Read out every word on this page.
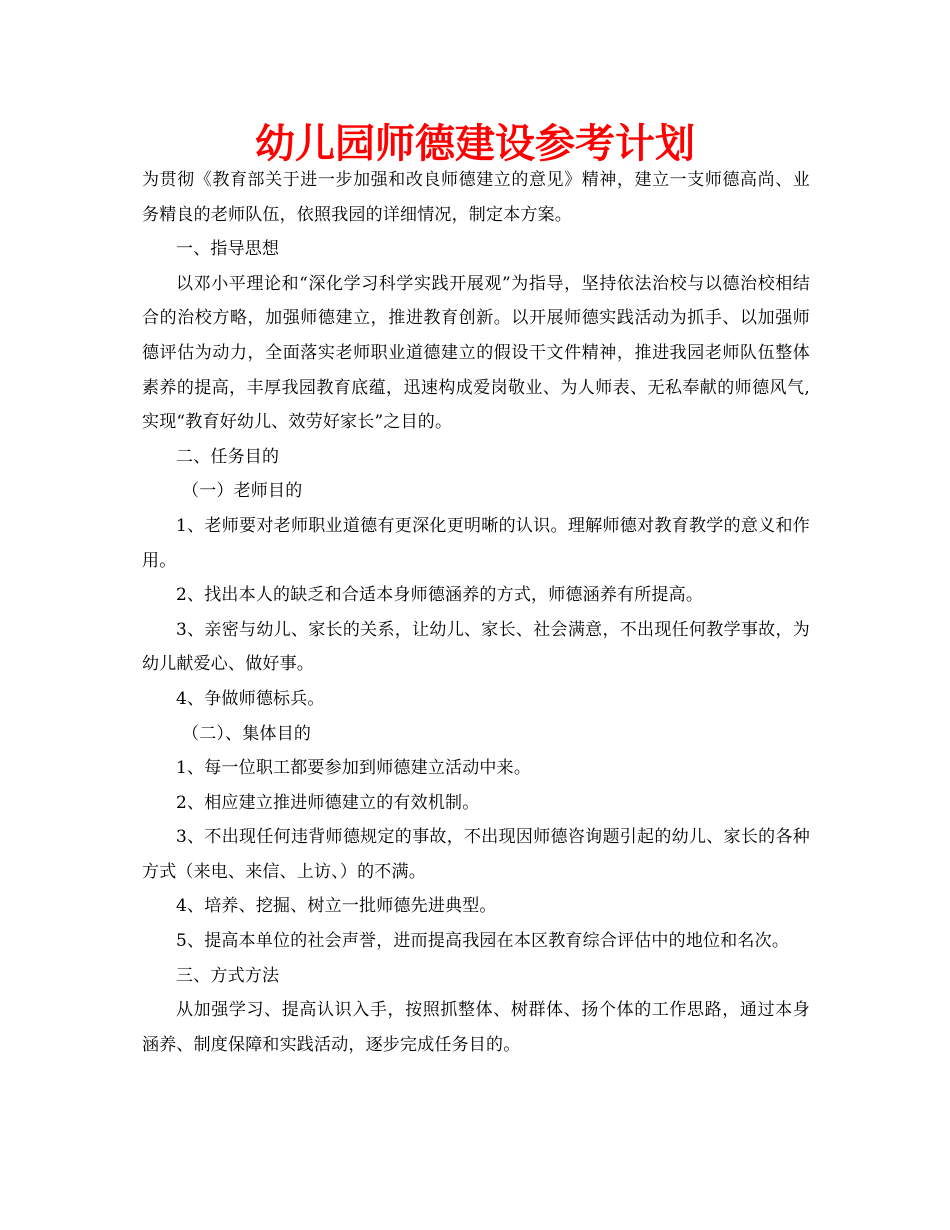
幼儿园师德建设参考计划

为贯彻《教育部关于进一步加强和改良师德建立的意见》精神，建立一支师德高尚、业务精良的老师队伍，依照我园的详细情况，制定本方案。

一、指导思想

以邓小平理论和“深化学习科学实践开展观”为指导，坚持依法治校与以德治校相结合的治校方略，加强师德建立，推进教育创新。以开展师德实践活动为抓手、以加强师德评估为动力，全面落实老师职业道德建立的假设干文件精神，推进我园老师队伍整体素养的提高，丰厚我园教育底蕴，迅速构成爱岗敬业、为人师表、无私奉献的师德风气,实现“教育好幼儿、效劳好家长”之目的。

二、任务目的

（一）老师目的

1、老师要对老师职业道德有更深化更明晰的认识。理解师德对教育教学的意义和作用。

2、找出本人的缺乏和合适本身师德涵养的方式，师德涵养有所提高。

3、亲密与幼儿、家长的关系，让幼儿、家长、社会满意，不出现任何教学事故，为幼儿献爱心、做好事。

4、争做师德标兵。

（二）、集体目的

1、每一位职工都要参加到师德建立活动中来。

2、相应建立推进师德建立的有效机制。

3、不出现任何违背师德规定的事故，不出现因师德咨询题引起的幼儿、家长的各种方式（来电、来信、上访、）的不满。

4、培养、挖掘、树立一批师德先进典型。

5、提高本单位的社会声誉，进而提高我园在本区教育综合评估中的地位和名次。

三、方式方法

从加强学习、提高认识入手，按照抓整体、树群体、扬个体的工作思路，通过本身涵养、制度保障和实践活动，逐步完成任务目的。
